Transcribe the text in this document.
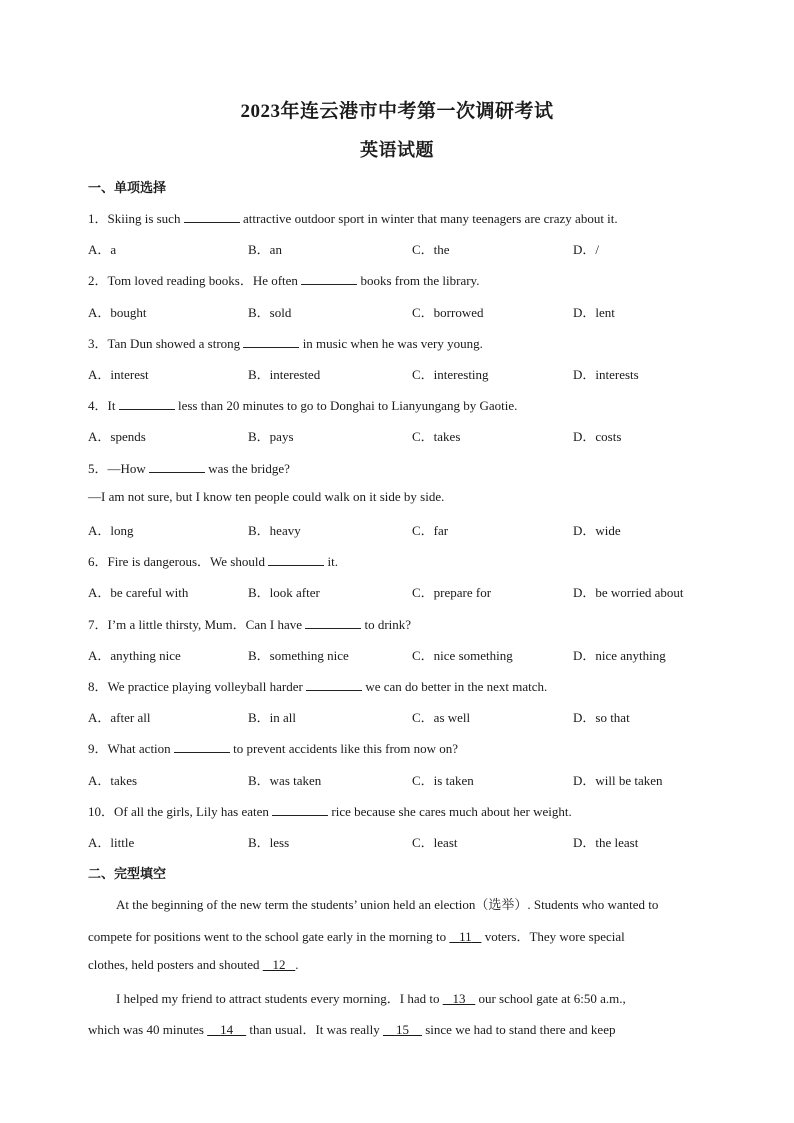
2023年连云港市中考第一次调研考试
英语试题
一、单项选择
1．Skiing is such	attractive outdoor sport in winter that many teenagers are crazy about it.
A．a	B．an	C．the	D．/
2．Tom loved reading books．He often	books from the library.
A．bought	B．sold	C．borrowed	D．lent
3．Tan Dun showed a strong	in music when he was very young.
A．interest	B．interested	C．interesting	D．interests
4．It	less than 20 minutes to go to Donghai to Lianyungang by Gaotie.
A．spends	B．pays	C．takes	D．costs
5．—How	was the bridge?
—I am not sure, but I know ten people could walk on it side by side.
A．long	B．heavy	C．far	D．wide
6．Fire is dangerous．We should	it.
A．be careful with	B．look after	C．prepare for	D．be worried about
7．I’m a little thirsty, Mum．Can I have	to drink?
A．anything nice	B．something nice	C．nice something	D．nice anything
8．We practice playing volleyball harder	we can do better in the next match.
A．after all	B．in all	C．as well	D．so that
9．What action	to prevent accidents like this from now on?
A．takes	B．was taken	C．is taken	D．will be taken
10．Of all the girls, Lily has eaten	rice because she cares much about her weight.
A．little	B．less	C．least	D．the least
二、完型填空
At the beginning of the new term the students’ union held an election（选举）. Students who wanted to
compete for positions went to the school gate early in the morning to    11    voters．They wore special
clothes, held posters and shouted    12 .
I helped my friend to attract students every morning．I had to    13    our school gate at 6:50 a.m.,
which was 40 minutes     14     than usual．It was really     15     since we had to stand there and keep
